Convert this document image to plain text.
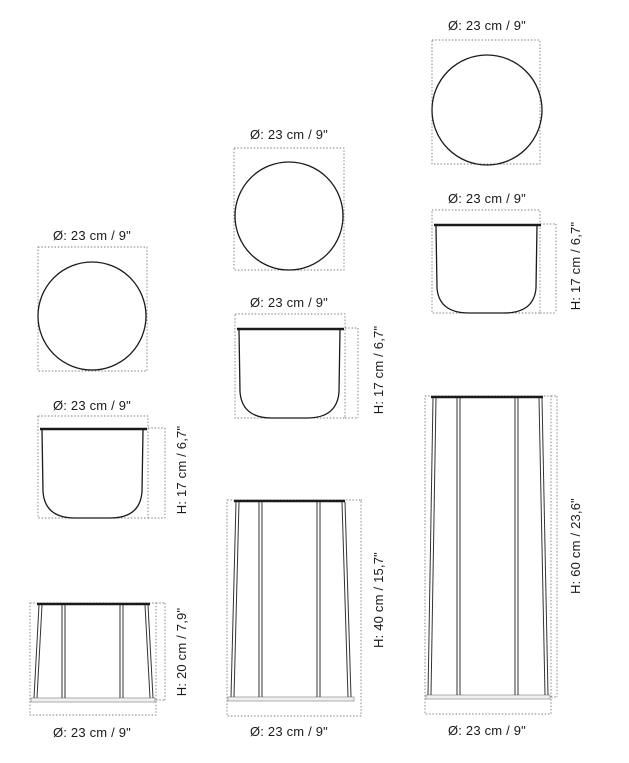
Ø: 23 cm / 9"
Ø: 23 cm / 9"
H: 17 cm / 6,7"
H: 20 cm / 7,9"
Ø: 23 cm / 9"
Ø: 23 cm / 9"
Ø: 23 cm / 9"
H: 17 cm / 6,7"
H: 40 cm / 15,7"
Ø: 23 cm / 9"
Ø: 23 cm / 9"
Ø: 23 cm / 9"
H: 17 cm / 6,7"
H: 60 cm / 23,6"
Ø: 23 cm / 9"
